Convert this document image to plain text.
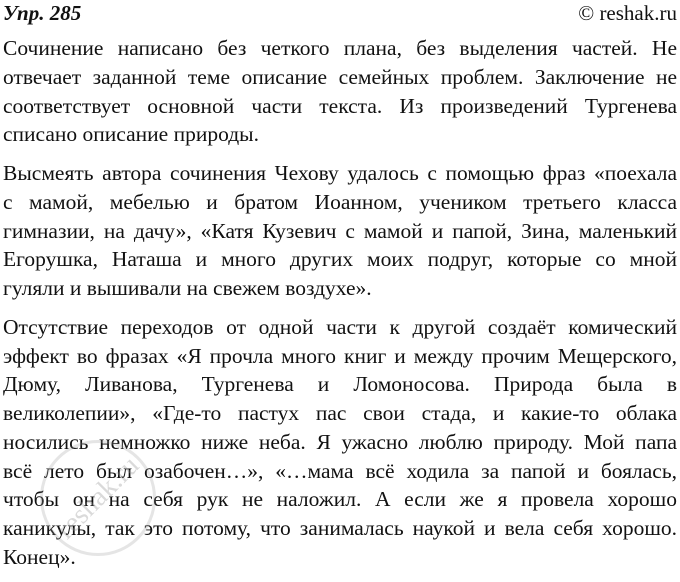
Упр. 285	© reshak.ru

Сочинение написано без четкого плана, без выделения частей. Не
отвечает заданной теме описание семейных проблем. Заключение не
соответствует основной части текста. Из произведений Тургенева
списано описание природы.

Высмеять автора сочинения Чехову удалось с помощью фраз «поехала
с мамой, мебелью и братом Иоанном, учеником третьего класса
гимназии, на дачу», «Катя Кузевич с мамой и папой, Зина, маленький
Егорушка, Наташа и много других моих подруг, которые со мной
гуляли и вышивали на свежем воздухе».

Отсутствие переходов от одной части к другой создаёт комический
эффект во фразах «Я прочла много книг и между прочим Мещерского,
Дюму, Ливанова, Тургенева и Ломоносова. Природа была в
великолепии», «Где-то пастух пас свои стада, и какие-то облака
носились немножко ниже неба. Я ужасно люблю природу. Мой папа
всё лето был озабочен…», «…мама всё ходила за папой и боялась,
чтобы он на себя рук не наложил. А если же я провела хорошо
каникулы, так это потому, что занималась наукой и вела себя хорошо.
Конец».

reshak.ru
